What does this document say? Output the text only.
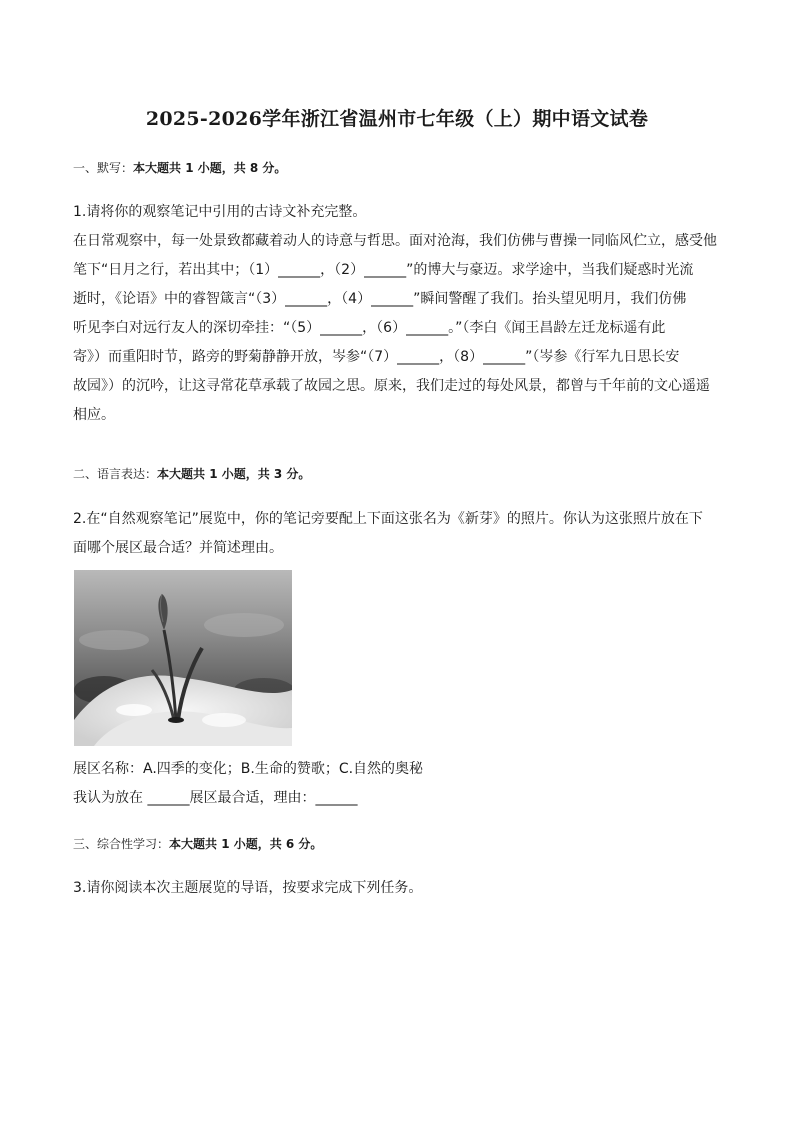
2025-2026学年浙江省温州市七年级（上）期中语文试卷
一、默写：本大题共 1 小题，共 8 分。
1.请将你的观察笔记中引用的古诗文补充完整。
在日常观察中，每一处景致都藏着动人的诗意与哲思。面对沧海，我们仿佛与曹操一同临风伫立，感受他
笔下“日月之行，若出其中；（1）______，（2）______”的博大与豪迈。求学途中，当我们疑惑时光流
逝时，《论语》中的睿智箴言“（3）______，（4）______”瞬间警醒了我们。抬头望见明月，我们仿佛
听见李白对远行友人的深切牵挂：“（5）______，（6）______。”（李白《闻王昌龄左迁龙标遥有此
寄》）而重阳时节，路旁的野菊静静开放，岑参“（7）______，（8）______”（岑参《行军九日思长安
故园》）的沉吟，让这寻常花草承载了故园之思。原来，我们走过的每处风景，都曾与千年前的文心遥遥
相应。
二、语言表达：本大题共 1 小题，共 3 分。
2.在“自然观察笔记”展览中，你的笔记旁要配上下面这张名为《新芽》的照片。你认为这张照片放在下
面哪个展区最合适？并简述理由。
展区名称：A.四季的变化；B.生命的赞歌；C.自然的奥秘
我认为放在 ______展区最合适，理由：______
三、综合性学习：本大题共 1 小题，共 6 分。
3.请你阅读本次主题展览的导语，按要求完成下列任务。
